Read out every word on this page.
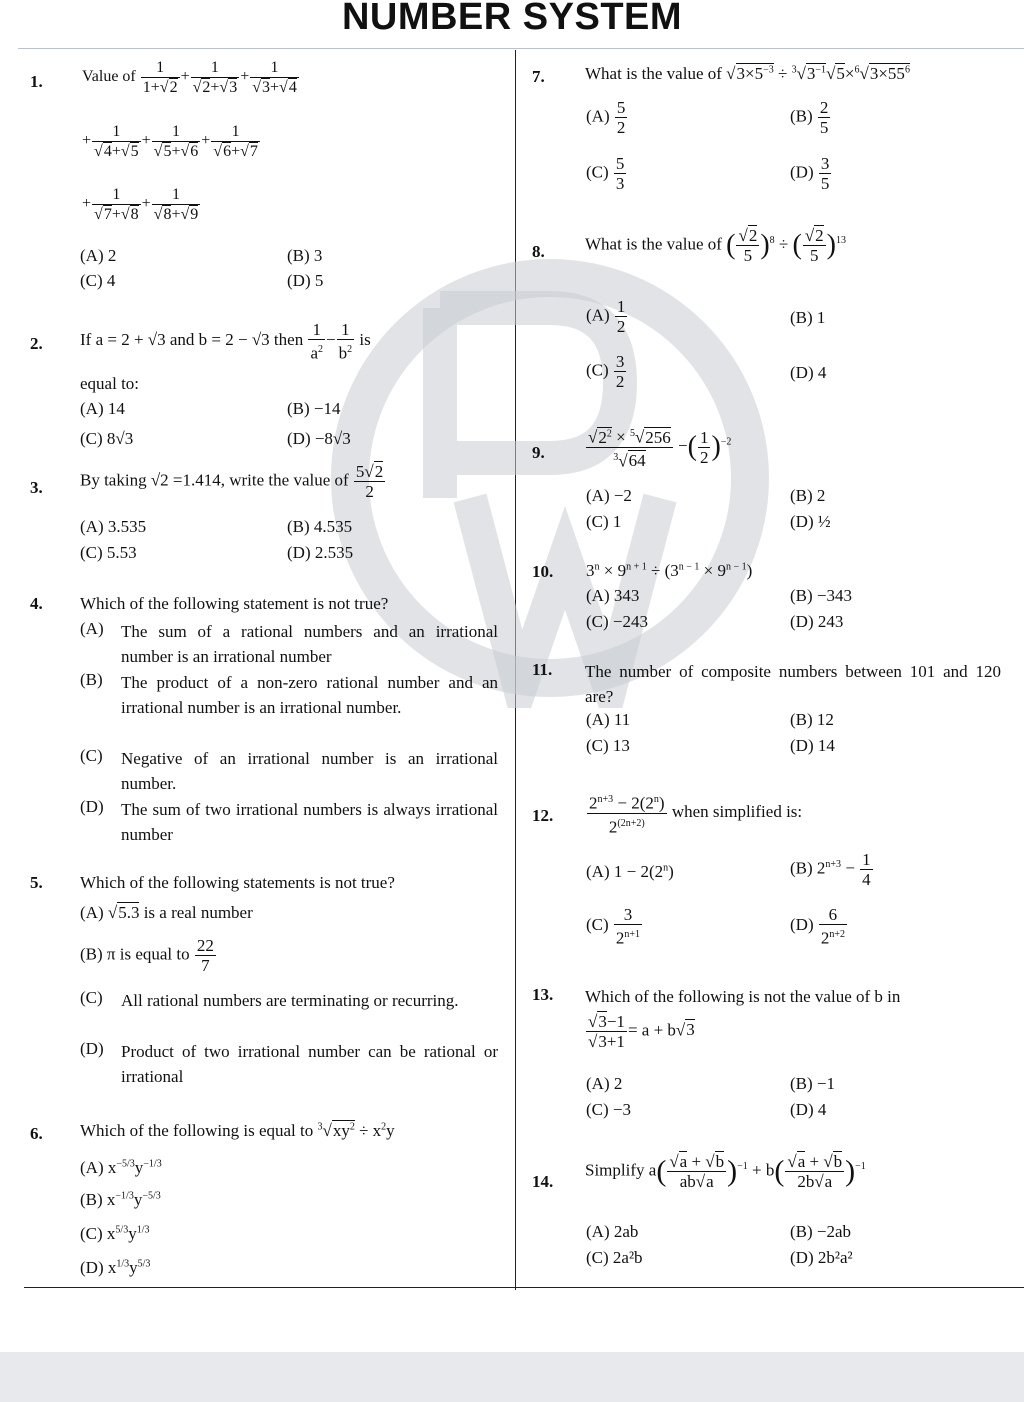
NUMBER SYSTEM
1. Value of $\frac{1}{1+√2} + \frac{1}{√2+√3} + \frac{1}{√3+√4}$
+ $\frac{1}{√4+√5} + \frac{1}{√5+√6} + \frac{1}{√6+√7}$
+ $\frac{1}{√7+√8} + \frac{1}{√8+√9}$
(A) 2	(B) 3
(C) 4	(D) 5
2. If a = 2 + √3 and b = 2 − √3 then $\frac{1}{a^2} - \frac{1}{b^2}$ is
equal to:
(A) 14	(B) −14
(C) 8√3	(D) −8√3
3. By taking √2 =1.414, write the value of $\frac{5√2}{2}$
(A) 3.535	(B) 4.535
(C) 5.53	(D) 2.535
4. Which of the following statement is not true?
(A) The sum of a rational numbers and an irrational number is an irrational number
(B) The product of a non-zero rational number and an irrational number is an irrational number.
(C) Negative of an irrational number is an irrational number.
(D) The sum of two irrational numbers is always irrational number
5. Which of the following statements is not true?
(A) √5.3 is a real number
(B) π is equal to $\frac{22}{7}$
(C) All rational numbers are terminating or recurring.
(D) Product of two irrational number can be rational or irrational
6. Which of the following is equal to $^3√xy^2 \div x^2y$
(A) $x^{-5/3}y^{-1/3}$
(B) $x^{-1/3}y^{-5/3}$
(C) $x^{5/3}y^{1/3}$
(D) $x^{1/3}y^{5/3}$
7. What is the value of $√3\times 5^{-3} \div ^3√3^{-1}√5\times^6√3\times 55^6$
$(A) \frac{5}{2}$	$(B) \frac{2}{5}$
$(C) \frac{5}{3}$	$(D) \frac{3}{5}$
8. What is the value of ( $\frac{√2}{5} )^8$ ÷ ( $\frac{√2}{5} )^{13}$
$(A) \frac{1}{2}$	(B) 1
$(C) \frac{3}{2}$	(D) 4
9. $\frac{√2^2 \times ^5√256}{^3√64}$ −( $\frac{1}{2} )^{-2}$
(A) −2	(B) 2
(C) 1	(D) ½
10. $3^n \times 9^{n + 1} \div (3^{n - 1} \times 9^{n - 1})$
(A) 343	(B) −343
(C) −243	(D) 243
11. The number of composite numbers between 101 and 120 are?
(A) 11	(B) 12
(C) 13	(D) 14
12. $\frac{2^{n+3} - 2(2^n)}{2^{(2n+2)}}$ when simplified is:
(A) $1 - 2(2^n)$	(B) $2^{n+3} - \frac{1}{4}$
$(C) \frac{3}{2^{n+1}}$	$(D) \frac{6}{2^{n+2}}$
13. Which of the following is not the value of b in
$\frac{√3-1}{√3+1} = a + b√3$
(A) 2	(B) −1
(C) −3	(D) 4
14.
Simplify $a( \frac{√a + √b}{ab√a} )^{-1} + b( \frac{√a + √b}{2b√a} )^{-1}$
(A) 2ab	(B) −2ab
(C) 2a²b	(D) 2b²a²
